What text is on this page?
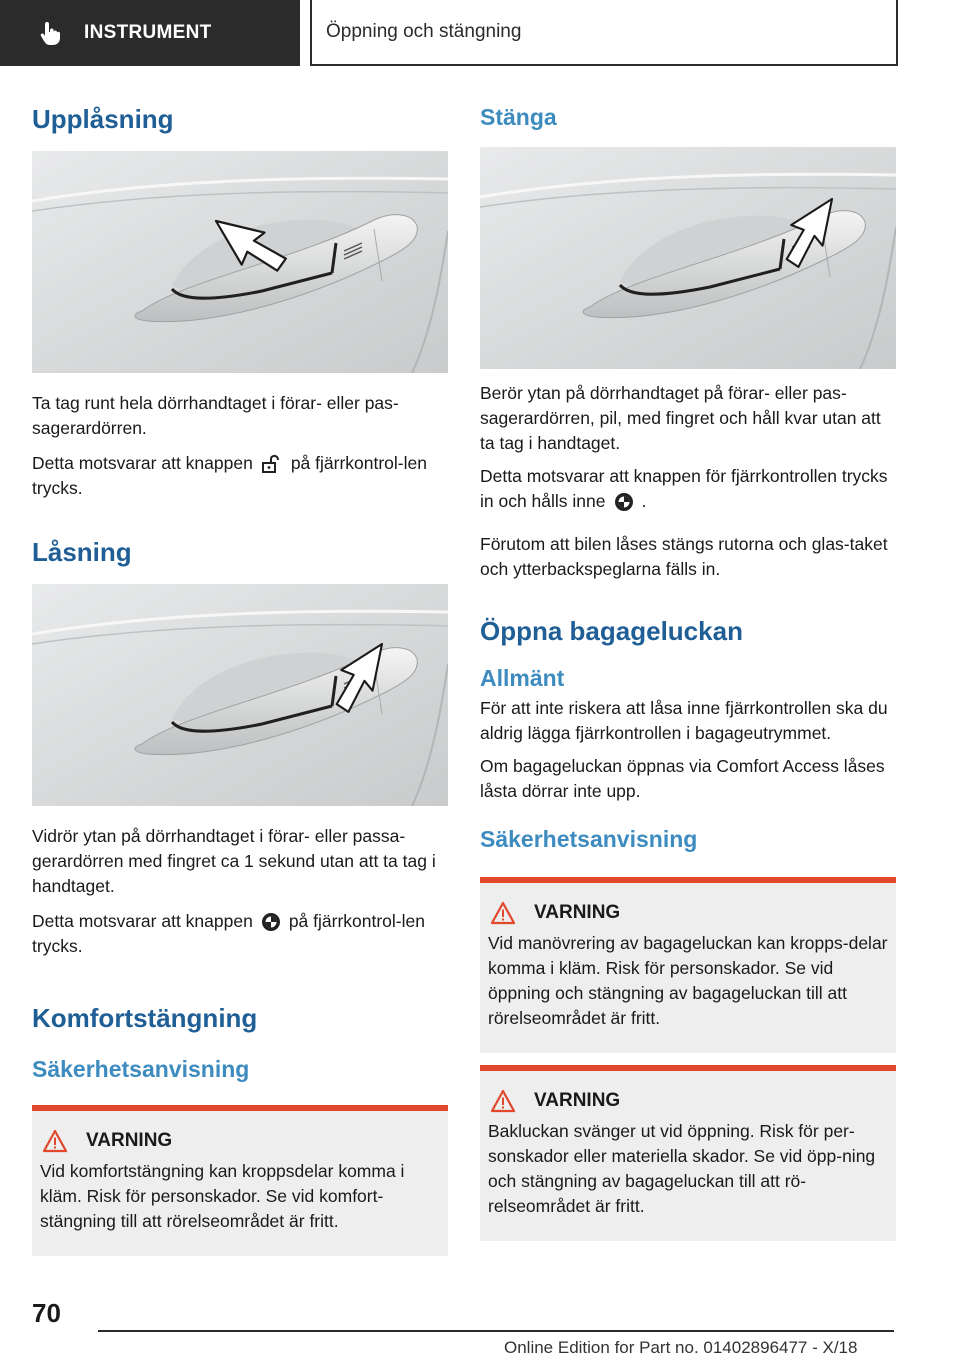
INSTRUMENT	Öppning och stängning
Upplåsning

Ta tag runt hela dörrhandtaget i förar- eller pas-sagerardörren.

Detta motsvarar att knappen på fjärrkontrol-len trycks.

Låsning

Vidrör ytan på dörrhandtaget i förar- eller passa-gerardörren med fingret ca 1 sekund utan att ta tag i handtaget.

Detta motsvarar att knappen på fjärrkontrol-len trycks.

Komfortstängning
Säkerhetsanvisning
VARNING

Vid komfortstängning kan kroppsdelar komma i kläm. Risk för personskador. Se vid komfort-stängning till att rörelseområdet är fritt.

Stänga

Berör ytan på dörrhandtaget på förar- eller pas-sagerardörren, pil, med fingret och håll kvar utan att ta tag i handtaget.

Detta motsvarar att knappen för fjärrkontrollen trycks in och hålls inne .

Förutom att bilen låses stängs rutorna och glas-taket och ytterbackspeglarna fälls in.

Öppna bagageluckan
Allmänt

För att inte riskera att låsa inne fjärrkontrollen ska du aldrig lägga fjärrkontrollen i bagageutrymmet.

Om bagageluckan öppnas via Comfort Access låses låsta dörrar inte upp.

Säkerhetsanvisning
VARNING

Vid manövrering av bagageluckan kan kropps-delar komma i kläm. Risk för personskador. Se vid öppning och stängning av bagageluckan till att rörelseområdet är fritt.

VARNING

Bakluckan svänger ut vid öppning. Risk för per-sonskador eller materiella skador. Se vid öpp-ning och stängning av bagageluckan till att rö-relseområdet är fritt.

70
Online Edition for Part no. 01402896477 - X/18
